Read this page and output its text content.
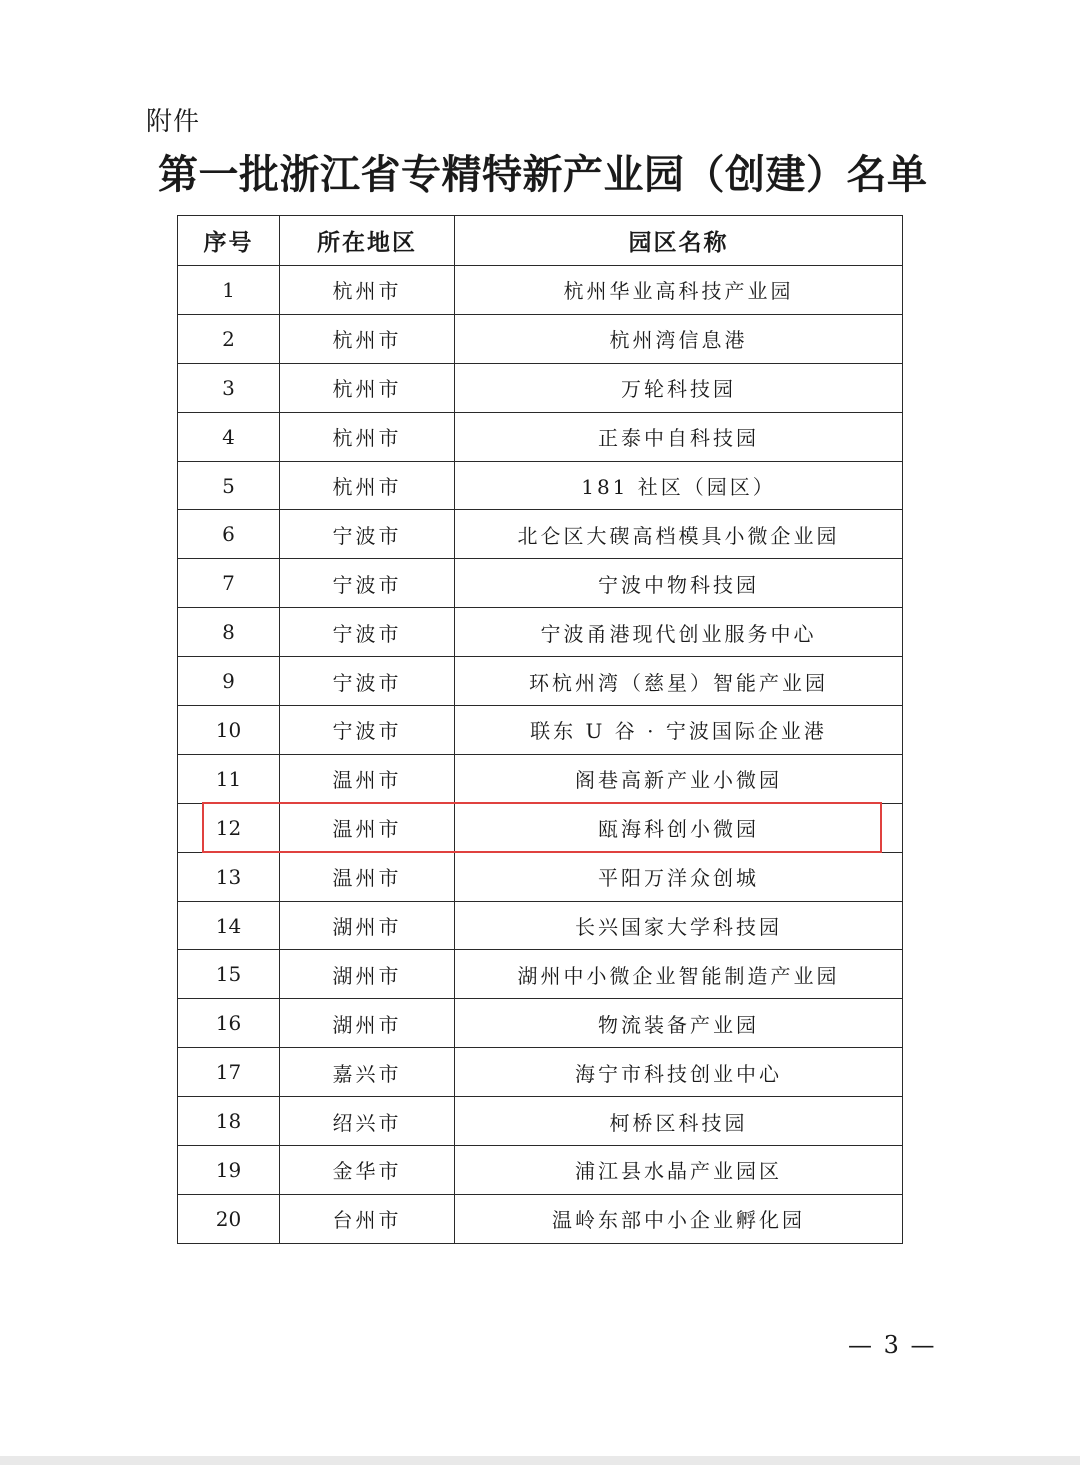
附件
第一批浙江省专精特新产业园（创建）名单
序号	所在地区	园区名称
1	杭州市	杭州华业高科技产业园
2	杭州市	杭州湾信息港
3	杭州市	万轮科技园
4	杭州市	正泰中自科技园
5	杭州市	181 社区（园区）
6	宁波市	北仑区大碶高档模具小微企业园
7	宁波市	宁波中物科技园
8	宁波市	宁波甬港现代创业服务中心
9	宁波市	环杭州湾（慈星）智能产业园
10	宁波市	联东 U 谷 · 宁波国际企业港
11	温州市	阁巷高新产业小微园
12	温州市	瓯海科创小微园
13	温州市	平阳万洋众创城
14	湖州市	长兴国家大学科技园
15	湖州市	湖州中小微企业智能制造产业园
16	湖州市	物流装备产业园
17	嘉兴市	海宁市科技创业中心
18	绍兴市	柯桥区科技园
19	金华市	浦江县水晶产业园区
20	台州市	温岭东部中小企业孵化园
— 3 —
